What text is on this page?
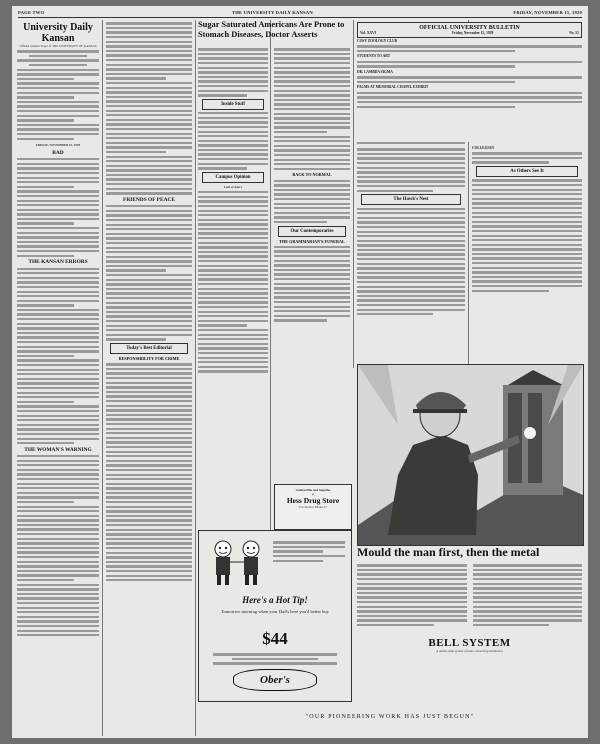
PAGE TWO	THE UNIVERSITY DAILY KANSAN	FRIDAY, NOVEMBER 15, 1929
University Daily Kansan
Official Student Paper of THE UNIVERSITY OF KANSAS
FRIDAY, NOVEMBER 15, 1929
BAD
THE KANSAN ERRORS
THE WOMAN'S WARNING
FRIENDS OF PEACE
Today's Best Editorial
RESPONSIBILITY FOR CRIME
Sugar Saturated Americans Are Prone to Stomach Diseases, Doctor Asserts
Inside Stuff
Campus Opinion
Leni at Ann's
BACK TO NORMAL
Our Contemporaries
THE GRAMMARIAN'S FUNERAL
OFFICIAL UNIVERSITY BULLETIN
Vol. XXVI	Friday, November 15, 1929	No. 52
COSY ZOOLOGY CLUB
STUDENTS TO ART
DR. LAMBDA SIGMA
PALMS AT MEMORIAL CHAPEL EXHIBIT
The Hawk's Nest
COLLEGIAN
As Others See It
Golden Pills and Supplies
at
Hess Drug Store
For Service Phone 27
Here's a Hot Tip!
Tomorrow morning when your Dad's here you'd better buy
$44
Ober's
Mould the man first, then the metal
BELL SYSTEM
A nation-wide system of inter-connecting telephones
"OUR PIONEERING WORK HAS JUST BEGUN"
